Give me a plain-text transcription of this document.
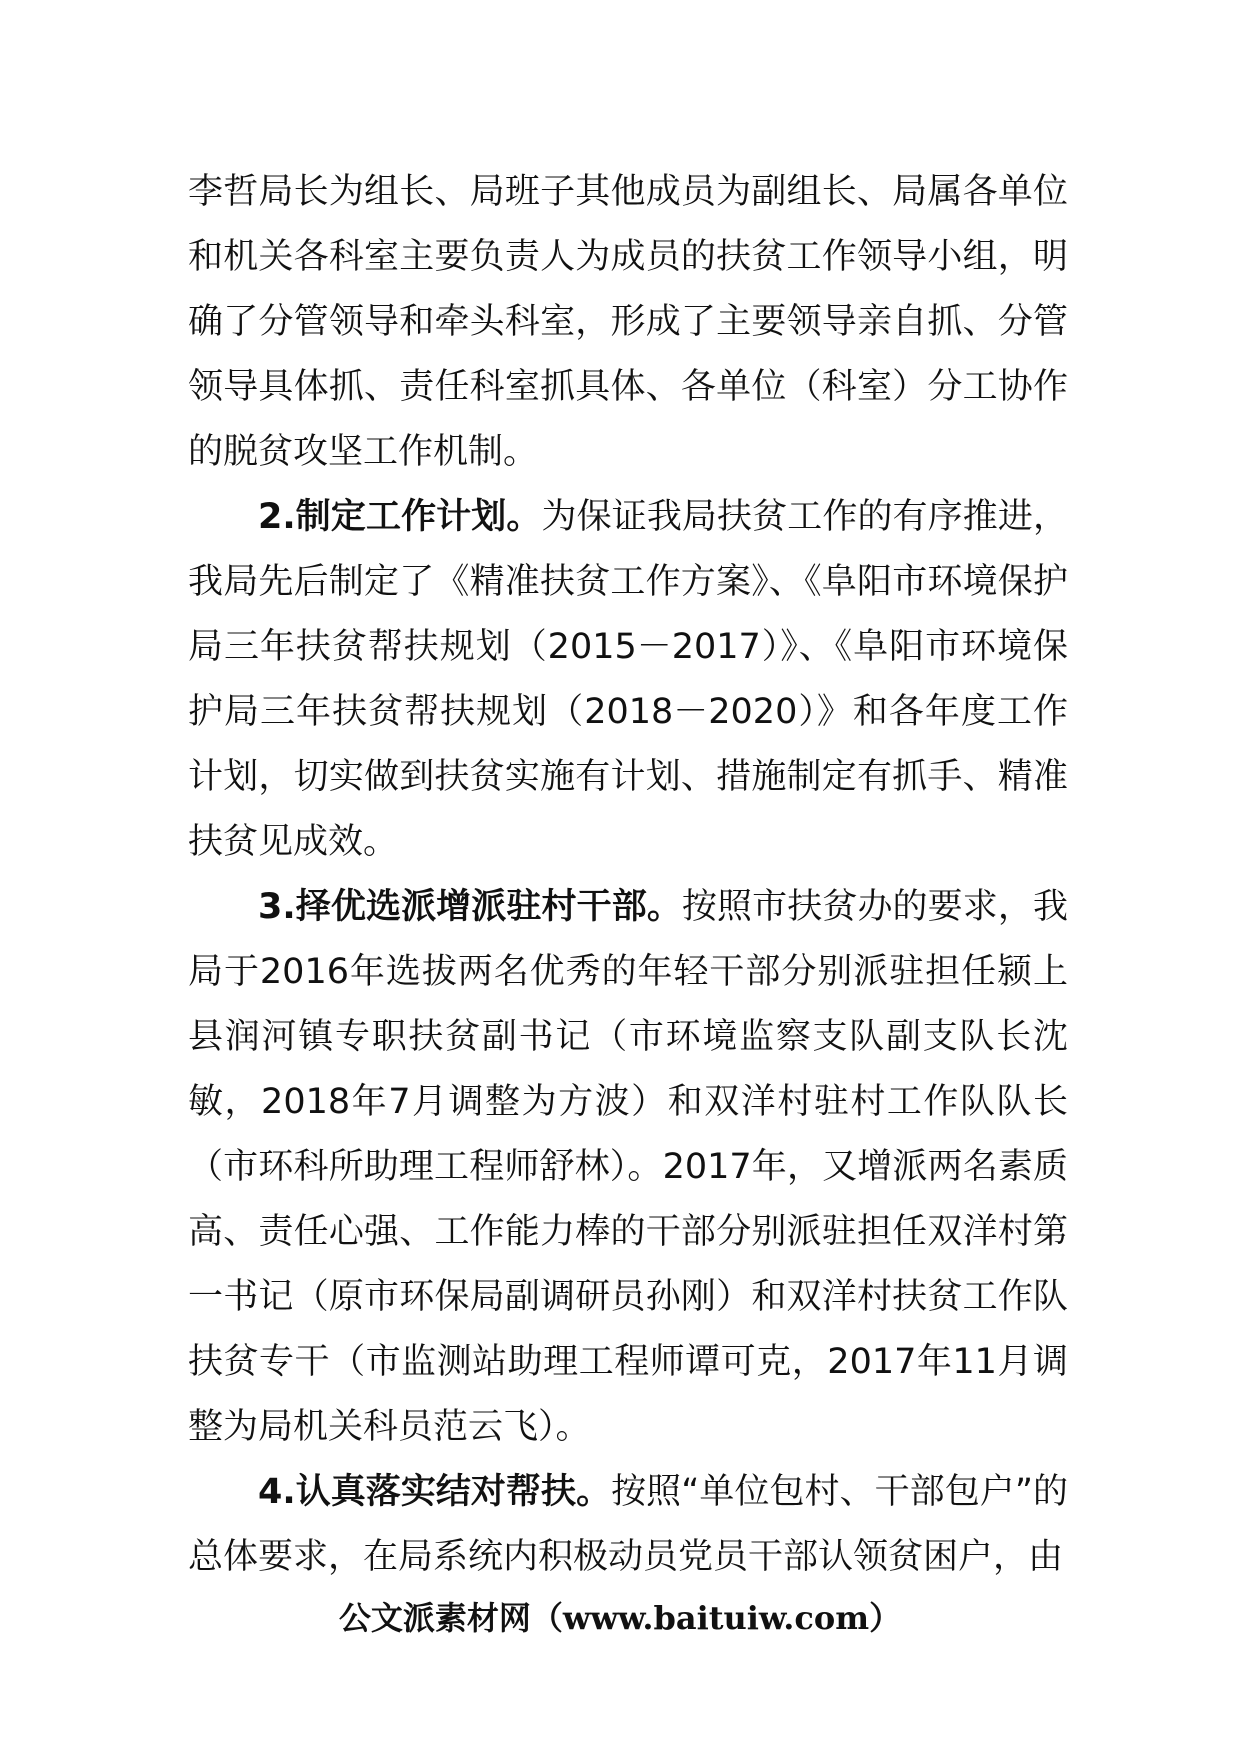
李哲局长为组长、局班子其他成员为副组长、局属各单位和机关各科室主要负责人为成员的扶贫工作领导小组，明确了分管领导和牵头科室，形成了主要领导亲自抓、分管领导具体抓、责任科室抓具体、各单位（科室）分工协作的脱贫攻坚工作机制。

2.制定工作计划。为保证我局扶贫工作的有序推进，我局先后制定了《精准扶贫工作方案》、《阜阳市环境保护局三年扶贫帮扶规划（2015－2017）》、《阜阳市环境保护局三年扶贫帮扶规划（2018－2020）》和各年度工作计划，切实做到扶贫实施有计划、措施制定有抓手、精准扶贫见成效。

3.择优选派增派驻村干部。按照市扶贫办的要求，我局于2016年选拔两名优秀的年轻干部分别派驻担任颍上县润河镇专职扶贫副书记（市环境监察支队副支队长沈敏，2018年7月调整为方波）和双洋村驻村工作队队长（市环科所助理工程师舒林）。2017年，又增派两名素质高、责任心强、工作能力棒的干部分别派驻担任双洋村第一书记（原市环保局副调研员孙刚）和双洋村扶贫工作队扶贫专干（市监测站助理工程师谭可克，2017年11月调整为局机关科员范云飞）。

4.认真落实结对帮扶。按照“单位包村、干部包户”的总体要求，在局系统内积极动员党员干部认领贫困户，由

公文派素材网（www.baituiw.com）
